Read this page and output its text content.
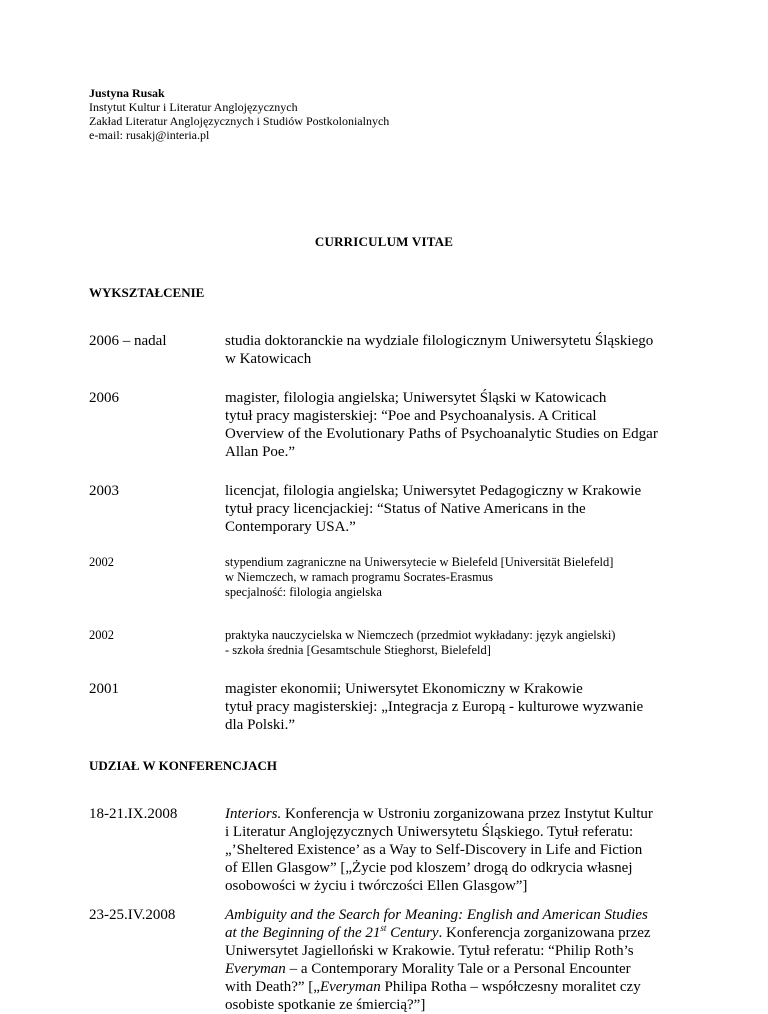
Justyna Rusak
Instytut Kultur i Literatur Anglojęzycznych
Zakład Literatur Anglojęzycznych i Studiów Postkolonialnych
e-mail: rusakj@interia.pl
CURRICULUM VITAE
WYKSZTAŁCENIE
2006 – nadal	studia doktoranckie na wydziale filologicznym Uniwersytetu Śląskiego
w Katowicach
2006	magister, filologia angielska; Uniwersytet Śląski w Katowicach
tytuł pracy magisterskiej: “Poe and Psychoanalysis. A Critical
Overview of the Evolutionary Paths of Psychoanalytic Studies on Edgar
Allan Poe.”
2003	licencjat, filologia angielska; Uniwersytet Pedagogiczny w Krakowie
tytuł pracy licencjackiej: “Status of Native Americans in the
Contemporary USA.”
2002	stypendium zagraniczne na Uniwersytecie w Bielefeld [Universität Bielefeld]
w Niemczech, w ramach programu Socrates-Erasmus
specjalność: filologia angielska
2002	praktyka nauczycielska w Niemczech (przedmiot wykładany: język angielski)
- szkoła średnia [Gesamtschule Stieghorst, Bielefeld]
2001	magister ekonomii; Uniwersytet Ekonomiczny w Krakowie
tytuł pracy magisterskiej: „Integracja z Europą - kulturowe wyzwanie
dla Polski.”
UDZIAŁ W KONFERENCJACH
18-21.IX.2008	Interiors. Konferencja w Ustroniu zorganizowana przez Instytut Kultur
i Literatur Anglojęzycznych Uniwersytetu Śląskiego. Tytuł referatu:
„’Sheltered Existence’ as a Way to Self-Discovery in Life and Fiction
of Ellen Glasgow” [„Życie pod kloszem’ drogą do odkrycia własnej
osobowości w życiu i twórczości Ellen Glasgow”]
23-25.IV.2008	Ambiguity and the Search for Meaning: English and American Studies
at the Beginning of the 21st Century. Konferencja zorganizowana przez
Uniwersytet Jagielloński w Krakowie. Tytuł referatu: “Philip Roth’s
Everyman – a Contemporary Morality Tale or a Personal Encounter
with Death?” [„Everyman Philipa Rotha – współczesny moralitet czy
osobiste spotkanie ze śmiercią?”]
